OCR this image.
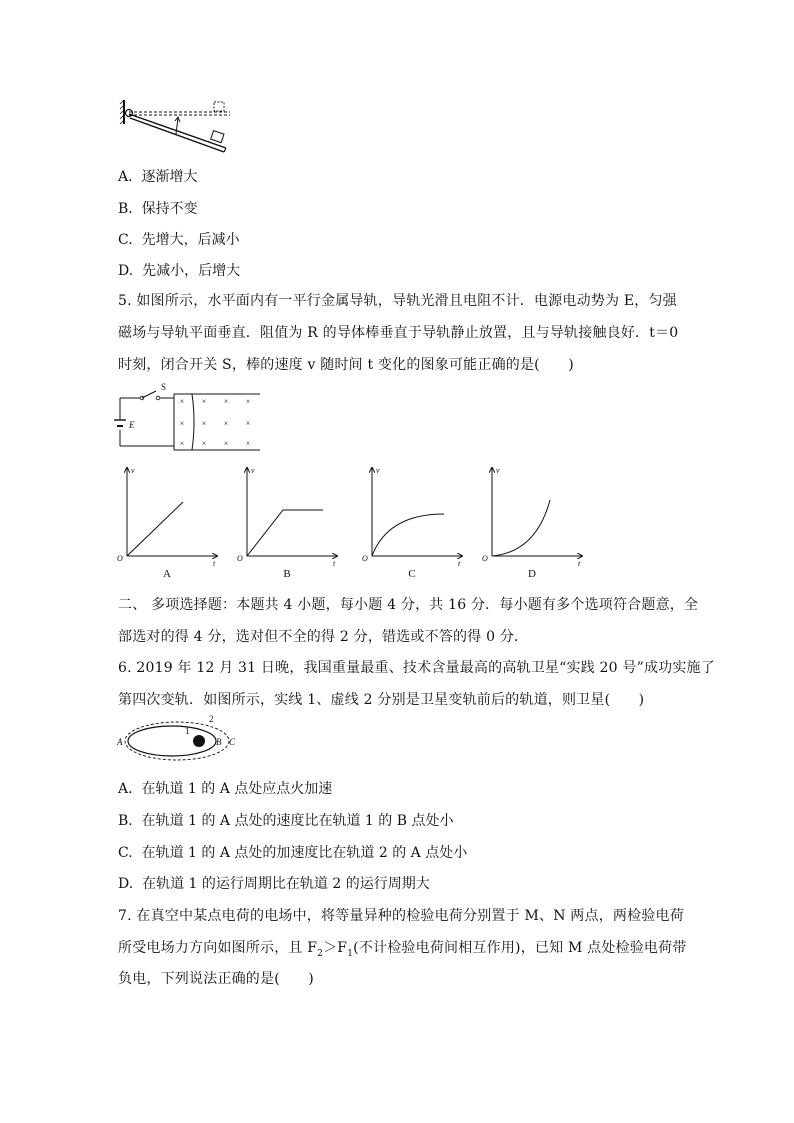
A. 逐渐增大
B. 保持不变
C. 先增大，后减小
D. 先减小，后增大
5. 如图所示，水平面内有一平行金属导轨，导轨光滑且电阻不计．电源电动势为 E，匀强
磁场与导轨平面垂直．阻值为 R 的导体棒垂直于导轨静止放置，且与导轨接触良好．t＝0
时刻，闭合开关 S，棒的速度 v 随时间 t 变化的图象可能正确的是(　　)
× × × ×
× × × ×
× × × ×
S
E
v
t
O
A
v
t
O
B
v
t
O
C
v
t
O
D
二、 多项选择题：本题共 4 小题，每小题 4 分，共 16 分．每小题有多个选项符合题意，全
部选对的得 4 分，选对但不全的得 2 分，错选或不答的得 0 分．
6. 2019 年 12 月 31 日晚，我国重量最重、技术含量最高的高轨卫星“实践 20 号”成功实施了
第四次变轨．如图所示，实线 1、虚线 2 分别是卫星变轨前后的轨道，则卫星(　　)
A	B C
1
2
A. 在轨道 1 的 A 点处应点火加速
B. 在轨道 1 的 A 点处的速度比在轨道 1 的 B 点处小
C. 在轨道 1 的 A 点处的加速度比在轨道 2 的 A 点处小
D. 在轨道 1 的运行周期比在轨道 2 的运行周期大
7. 在真空中某点电荷的电场中，将等量异种的检验电荷分别置于 M、N 两点，两检验电荷
所受电场力方向如图所示，且 $F_2>F_1$(不计检验电荷间相互作用)，已知 M 点处检验电荷带
负电，下列说法正确的是(　　)
